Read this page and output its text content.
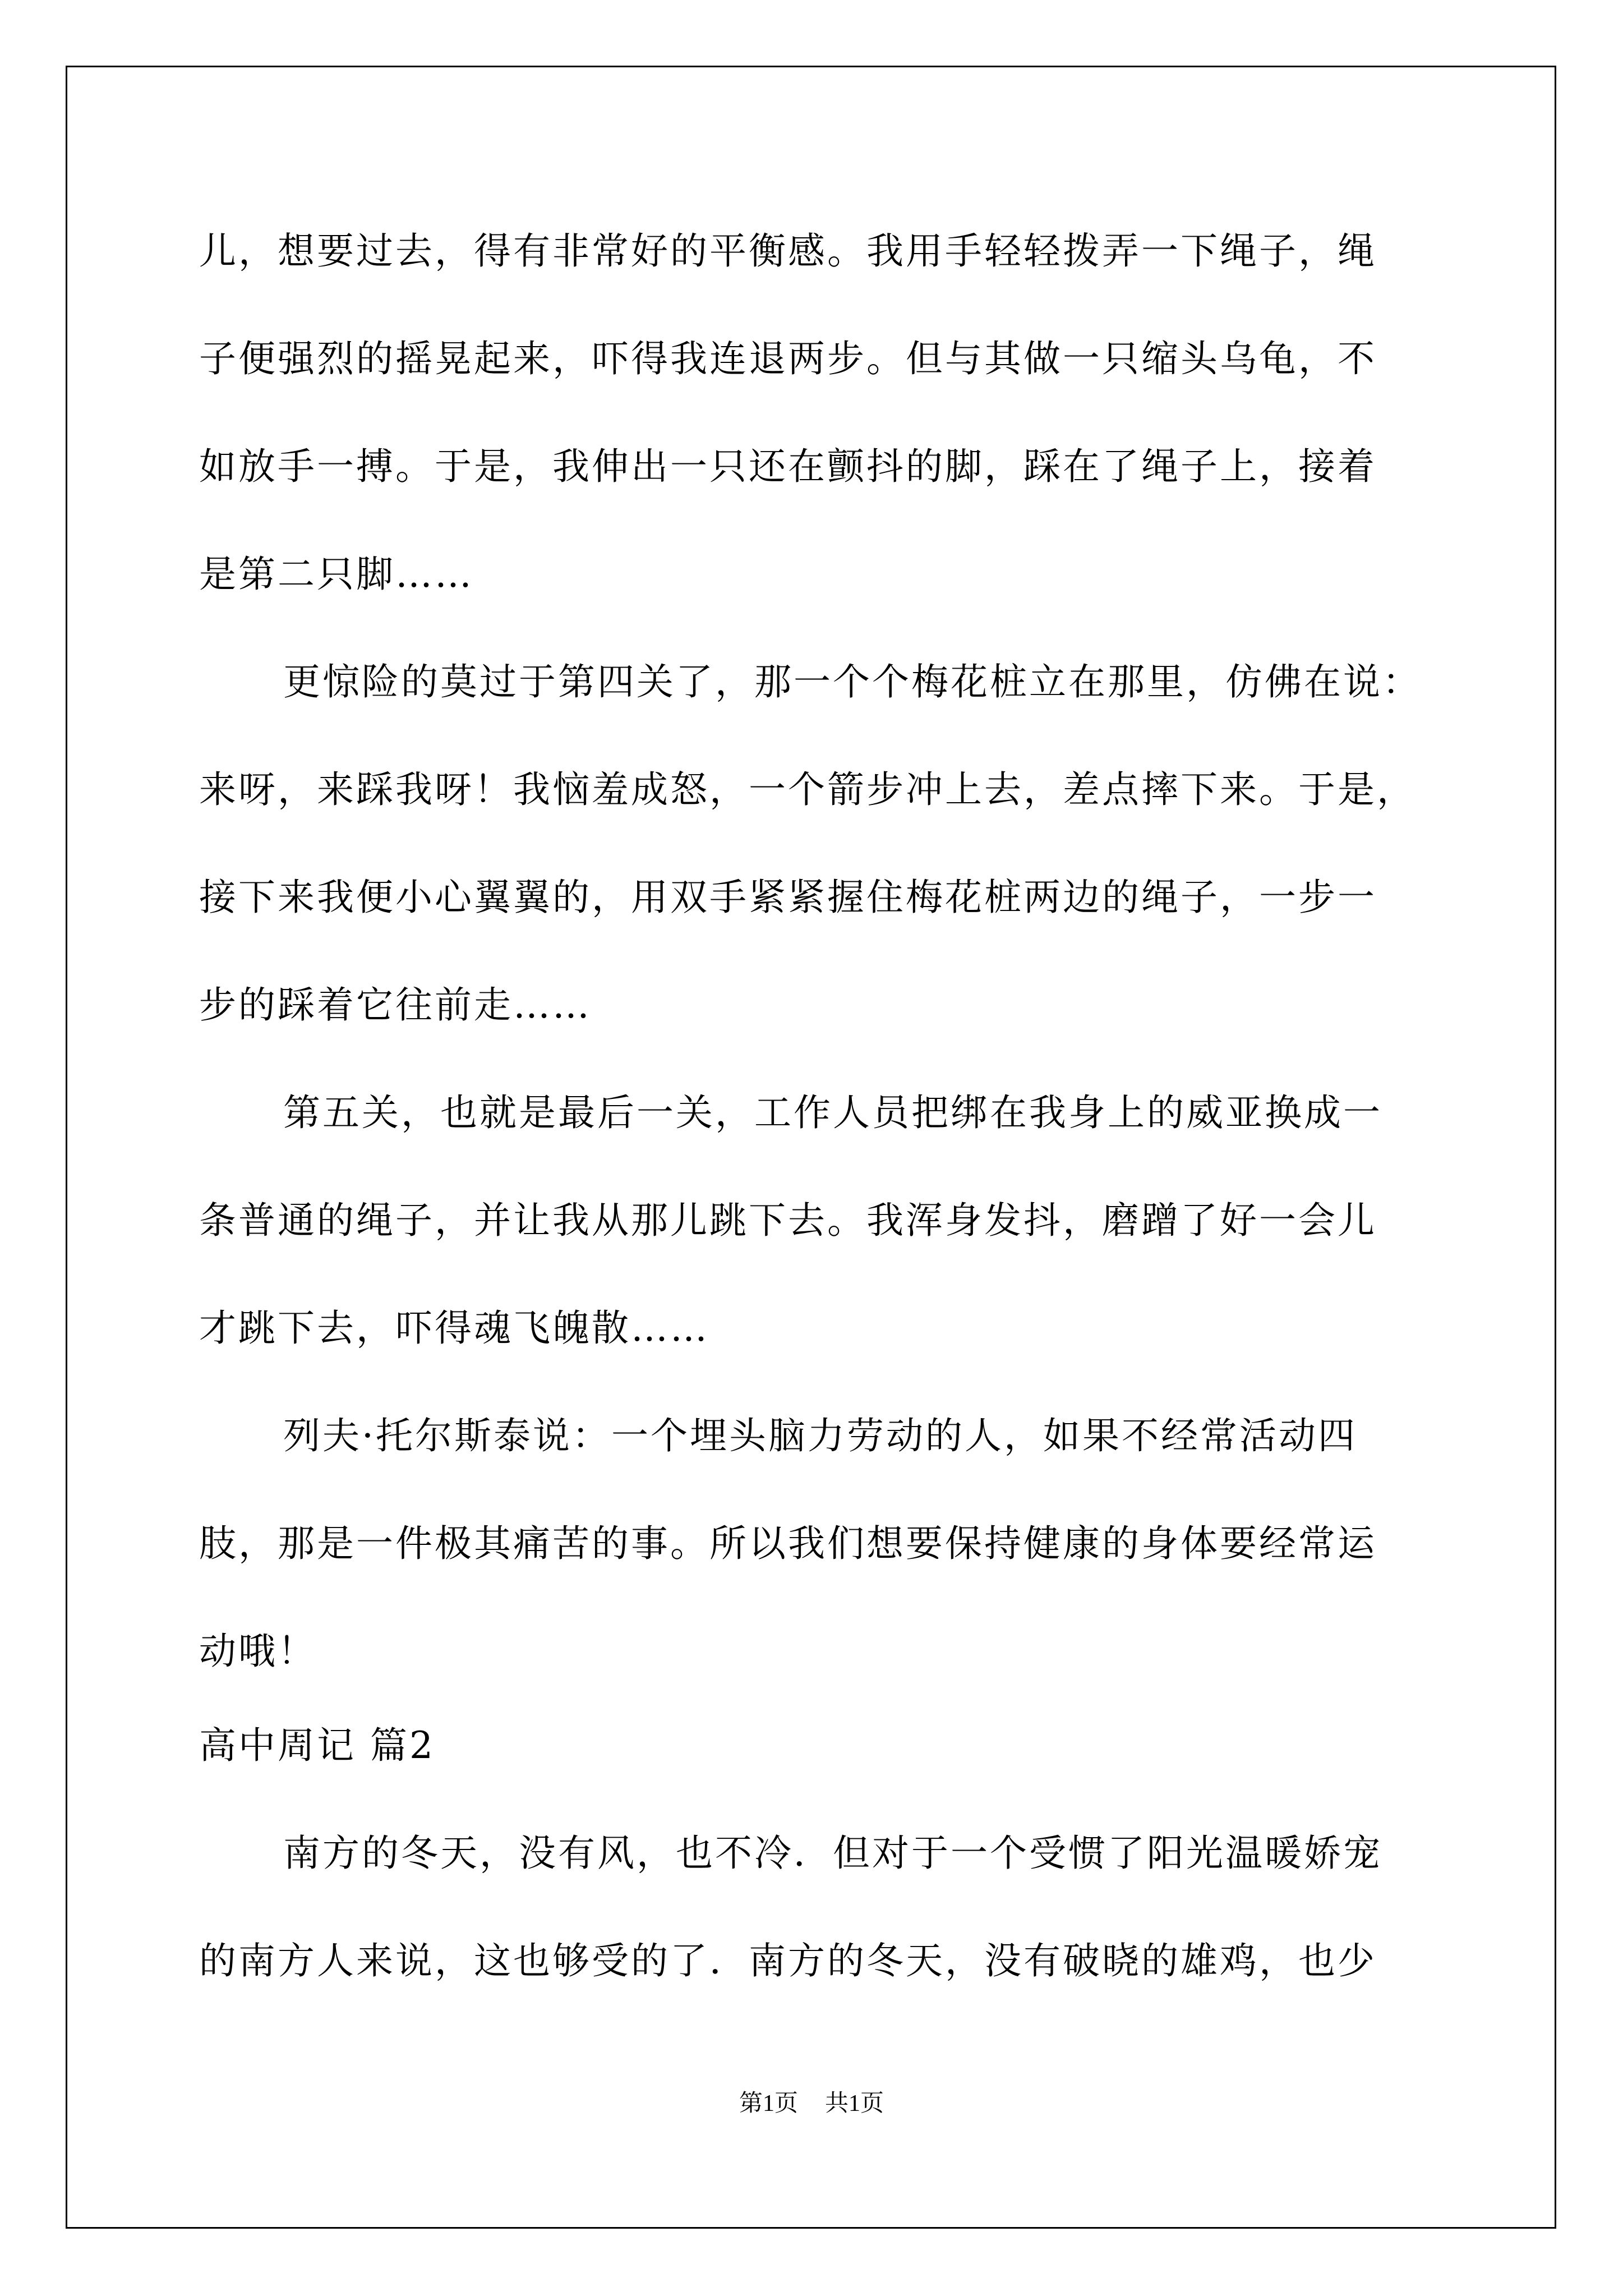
儿，想要过去，得有非常好的平衡感。我用手轻轻拨弄一下绳子，绳
子便强烈的摇晃起来，吓得我连退两步。但与其做一只缩头乌龟，不
如放手一搏。于是，我伸出一只还在颤抖的脚，踩在了绳子上，接着
是第二只脚……
更惊险的莫过于第四关了，那一个个梅花桩立在那里，仿佛在说：
来呀，来踩我呀！我恼羞成怒，一个箭步冲上去，差点摔下来。于是，
接下来我便小心翼翼的，用双手紧紧握住梅花桩两边的绳子，一步一
步的踩着它往前走……
第五关，也就是最后一关，工作人员把绑在我身上的威亚换成一
条普通的绳子，并让我从那儿跳下去。我浑身发抖，磨蹭了好一会儿
才跳下去，吓得魂飞魄散……
列夫·托尔斯泰说：一个埋头脑力劳动的人，如果不经常活动四
肢，那是一件极其痛苦的事。所以我们想要保持健康的身体要经常运
动哦！
高中周记 篇2
南方的冬天，没有风，也不冷．但对于一个受惯了阳光温暖娇宠
的南方人来说，这也够受的了．南方的冬天，没有破晓的雄鸡，也少
第1页 共1页
